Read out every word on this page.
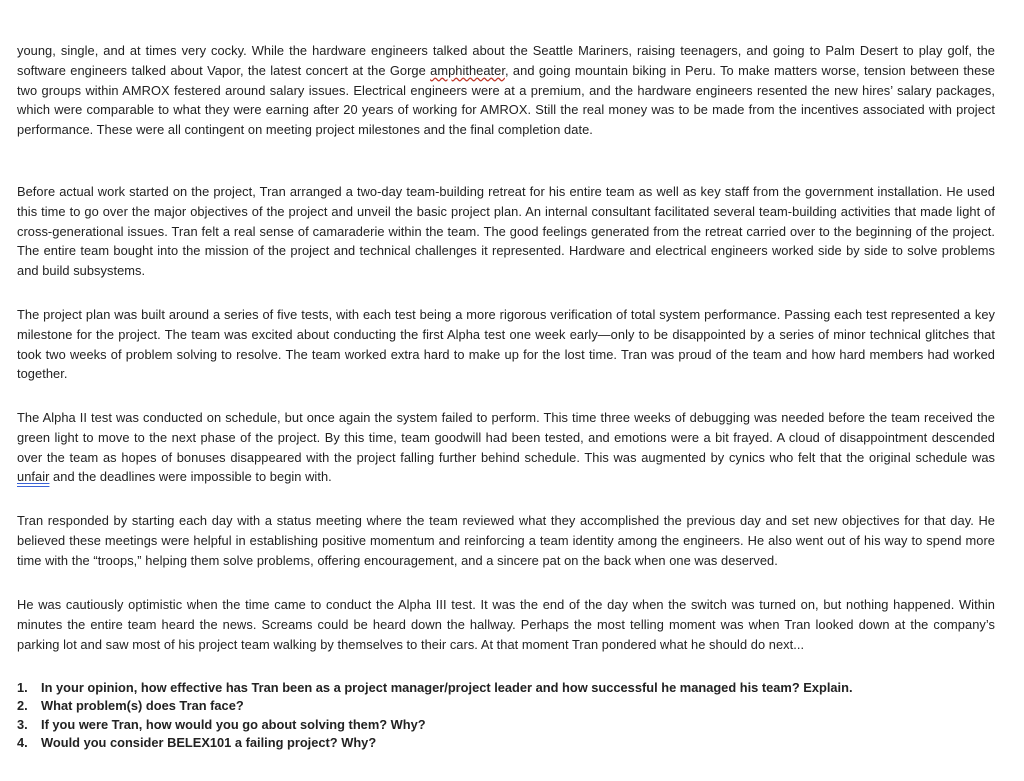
young, single, and at times very cocky. While the hardware engineers talked about the Seattle Mariners, raising teenagers, and going to Palm Desert to play golf, the software engineers talked about Vapor, the latest concert at the Gorge amphitheater, and going mountain biking in Peru. To make matters worse, tension between these two groups within AMROX festered around salary issues. Electrical engineers were at a premium, and the hardware engineers resented the new hires’ salary packages, which were comparable to what they were earning after 20 years of working for AMROX. Still the real money was to be made from the incentives associated with project performance. These were all contingent on meeting project milestones and the final completion date.

Before actual work started on the project, Tran arranged a two-day team-building retreat for his entire team as well as key staff from the government installation. He used this time to go over the major objectives of the project and unveil the basic project plan. An internal consultant facilitated several team-building activities that made light of cross-generational issues. Tran felt a real sense of camaraderie within the team. The good feelings generated from the retreat carried over to the beginning of the project. The entire team bought into the mission of the project and technical challenges it represented. Hardware and electrical engineers worked side by side to solve problems and build subsystems.

The project plan was built around a series of five tests, with each test being a more rigorous verification of total system performance. Passing each test represented a key milestone for the project. The team was excited about conducting the first Alpha test one week early—only to be disappointed by a series of minor technical glitches that took two weeks of problem solving to resolve. The team worked extra hard to make up for the lost time. Tran was proud of the team and how hard members had worked together.

The Alpha II test was conducted on schedule, but once again the system failed to perform. This time three weeks of debugging was needed before the team received the green light to move to the next phase of the project. By this time, team goodwill had been tested, and emotions were a bit frayed. A cloud of disappointment descended over the team as hopes of bonuses disappeared with the project falling further behind schedule. This was augmented by cynics who felt that the original schedule was unfair and the deadlines were impossible to begin with.

Tran responded by starting each day with a status meeting where the team reviewed what they accomplished the previous day and set new objectives for that day. He believed these meetings were helpful in establishing positive momentum and reinforcing a team identity among the engineers. He also went out of his way to spend more time with the “troops,” helping them solve problems, offering encouragement, and a sincere pat on the back when one was deserved.

He was cautiously optimistic when the time came to conduct the Alpha III test. It was the end of the day when the switch was turned on, but nothing happened. Within minutes the entire team heard the news. Screams could be heard down the hallway. Perhaps the most telling moment was when Tran looked down at the company’s parking lot and saw most of his project team walking by themselves to their cars. At that moment Tran pondered what he should do next...

1. In your opinion, how effective has Tran been as a project manager/project leader and how successful he managed his team? Explain.
2. What problem(s) does Tran face?
3. If you were Tran, how would you go about solving them? Why?
4. Would you consider BELEX101 a failing project? Why?
